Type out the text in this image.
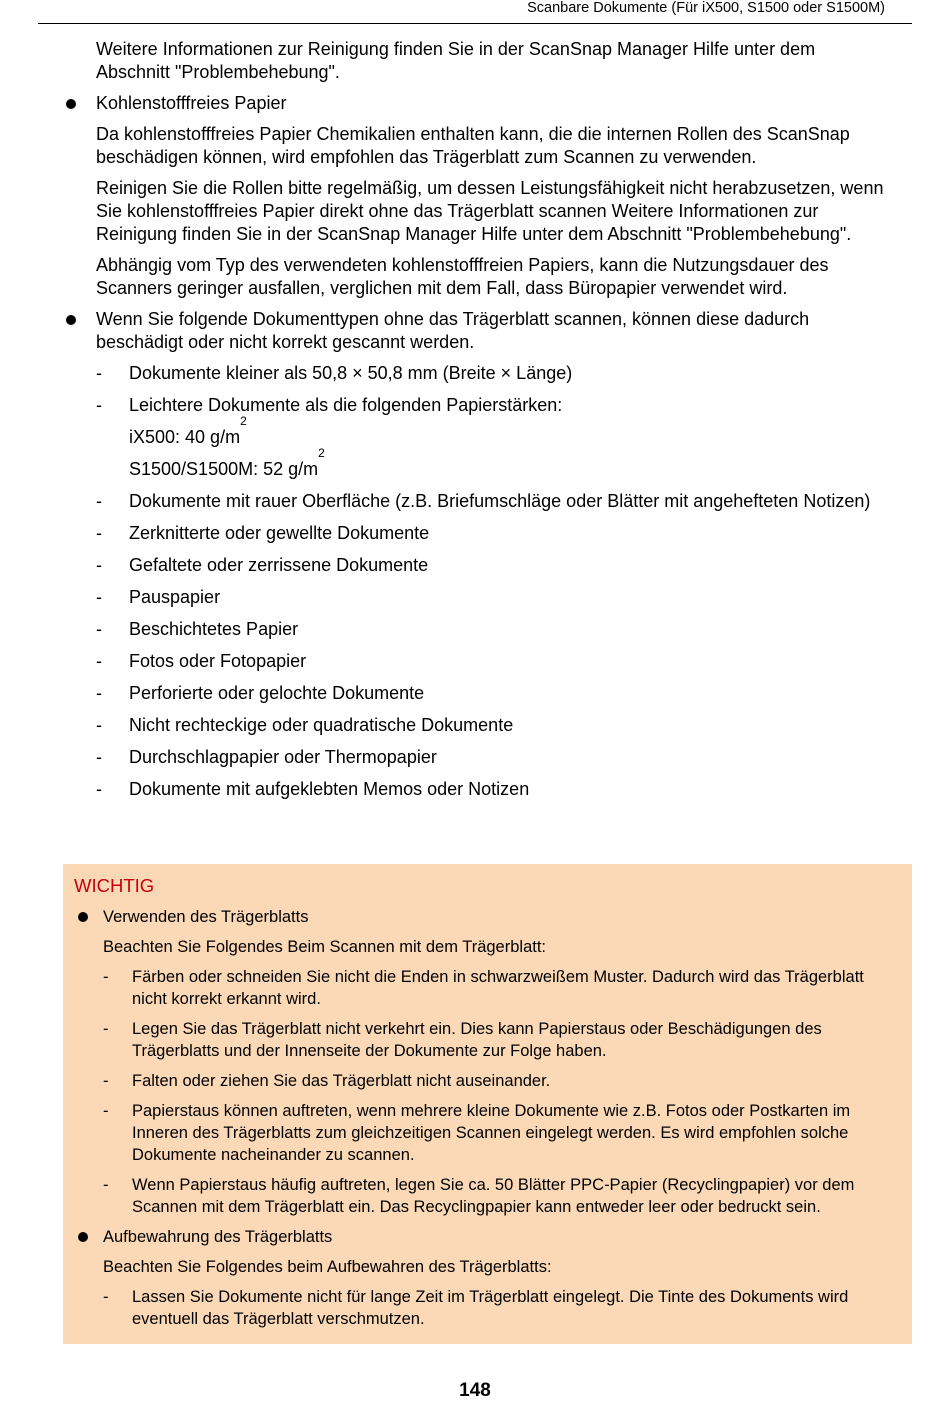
Scanbare Dokumente (Für iX500, S1500 oder S1500M)
Weitere Informationen zur Reinigung finden Sie in der ScanSnap Manager Hilfe unter dem Abschnitt "Problembehebung".
Kohlenstofffreies Papier
Da kohlenstofffreies Papier Chemikalien enthalten kann, die die internen Rollen des ScanSnap beschädigen können, wird empfohlen das Trägerblatt zum Scannen zu verwenden.
Reinigen Sie die Rollen bitte regelmäßig, um dessen Leistungsfähigkeit nicht herabzusetzen, wenn Sie kohlenstofffreies Papier direkt ohne das Trägerblatt scannen Weitere Informationen zur Reinigung finden Sie in der ScanSnap Manager Hilfe unter dem Abschnitt "Problembehebung".
Abhängig vom Typ des verwendeten kohlenstofffreien Papiers, kann die Nutzungsdauer des Scanners geringer ausfallen, verglichen mit dem Fall, dass Büropapier verwendet wird.
Wenn Sie folgende Dokumenttypen ohne das Trägerblatt scannen, können diese dadurch beschädigt oder nicht korrekt gescannt werden.
- Dokumente kleiner als 50,8 × 50,8 mm (Breite × Länge)
- Leichtere Dokumente als die folgenden Papierstärken:
iX500: 40 $g/m^2$
S1500/S1500M: 52 $g/m^2$
- Dokumente mit rauer Oberfläche (z.B. Briefumschläge oder Blätter mit angehefteten Notizen)
- Zerknitterte oder gewellte Dokumente
- Gefaltete oder zerrissene Dokumente
- Pauspapier
- Beschichtetes Papier
- Fotos oder Fotopapier
- Perforierte oder gelochte Dokumente
- Nicht rechteckige oder quadratische Dokumente
- Durchschlagpapier oder Thermopapier
- Dokumente mit aufgeklebten Memos oder Notizen
WICHTIG
Verwenden des Trägerblatts
Beachten Sie Folgendes Beim Scannen mit dem Trägerblatt:
- Färben oder schneiden Sie nicht die Enden in schwarzweißem Muster. Dadurch wird das Trägerblatt nicht korrekt erkannt wird.
- Legen Sie das Trägerblatt nicht verkehrt ein. Dies kann Papierstaus oder Beschädigungen des Trägerblatts und der Innenseite der Dokumente zur Folge haben.
- Falten oder ziehen Sie das Trägerblatt nicht auseinander.
- Papierstaus können auftreten, wenn mehrere kleine Dokumente wie z.B. Fotos oder Postkarten im Inneren des Trägerblatts zum gleichzeitigen Scannen eingelegt werden. Es wird empfohlen solche Dokumente nacheinander zu scannen.
- Wenn Papierstaus häufig auftreten, legen Sie ca. 50 Blätter PPC-Papier (Recyclingpapier) vor dem Scannen mit dem Trägerblatt ein. Das Recyclingpapier kann entweder leer oder bedruckt sein.
Aufbewahrung des Trägerblatts
Beachten Sie Folgendes beim Aufbewahren des Trägerblatts:
- Lassen Sie Dokumente nicht für lange Zeit im Trägerblatt eingelegt. Die Tinte des Dokuments wird eventuell das Trägerblatt verschmutzen.
148
